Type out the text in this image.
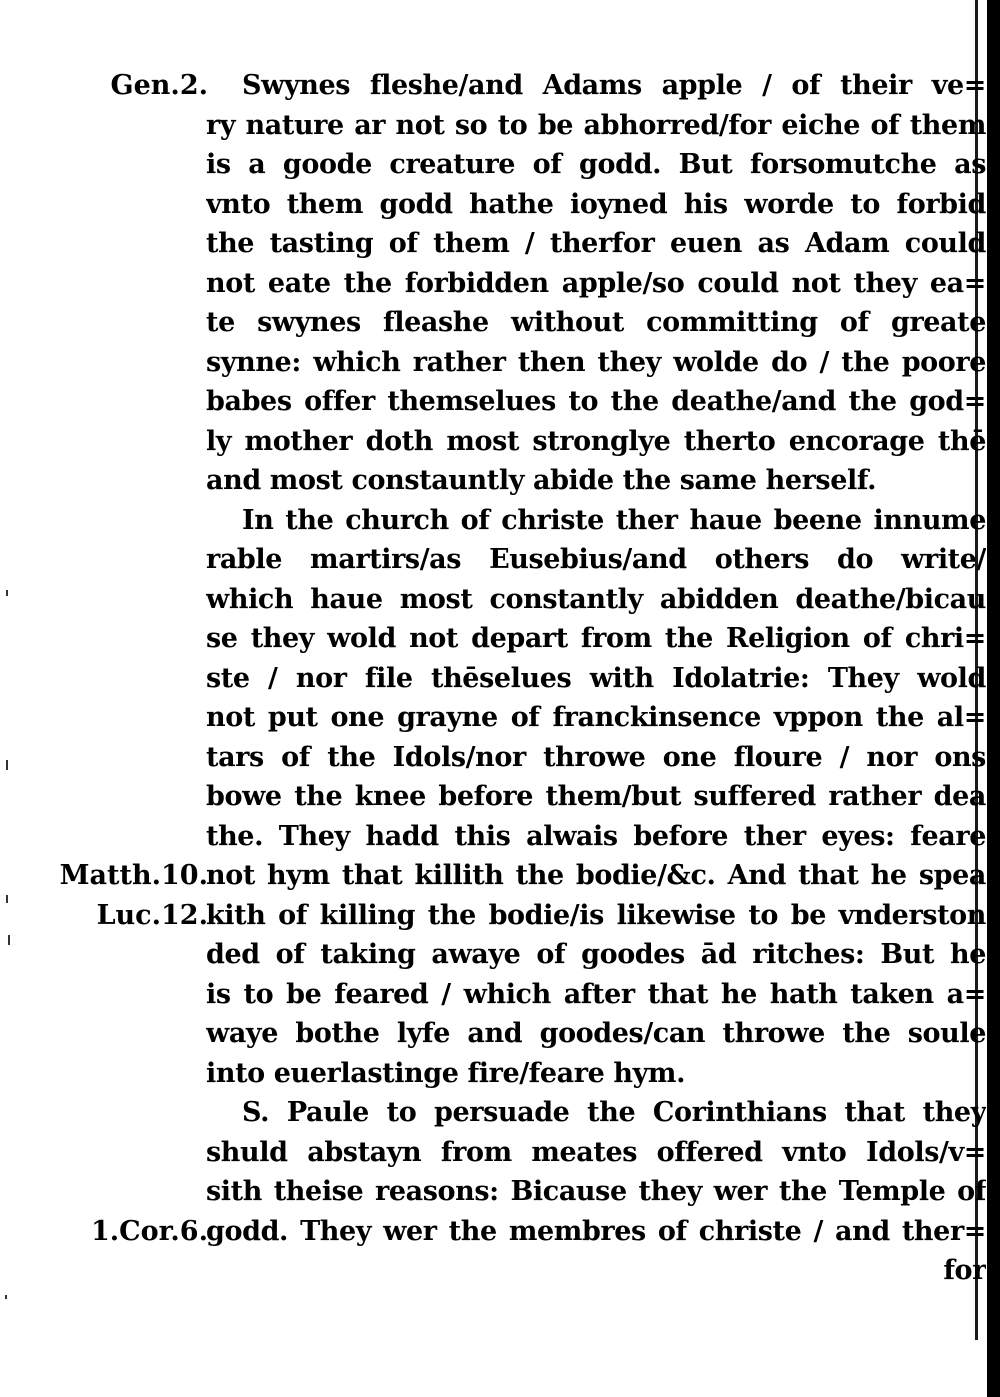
Gen.2.
Matth.10.
Luc.12.
1.Cor.6.
Swynes fleshe/and Adams apple / of their ve=
ry nature ar not so to be abhorred/for eiche of them
is a goode creature of godd. But forsomutche as
vnto them godd hathe ioyned his worde to forbid
the tasting of them / therfor euen as Adam could
not eate the forbidden apple/so could not they ea=
te swynes fleashe without committing of greate
synne: which rather then they wolde do / the poore
babes offer themselues to the deathe/and the god=
ly mother doth most stronglye therto encorage thē
and most constauntly abide the same herself.
In the church of christe ther haue beene innume
rable martirs/as Eusebius/and others do write/
which haue most constantly abidden deathe/bicau
se they wold not depart from the Religion of chri=
ste / nor file thēselues with Idolatrie: They wold
not put one grayne of franckinsence vppon the al=
tars of the Idols/nor throwe one floure / nor ons
bowe the knee before them/but suffered rather dea
the. They hadd this alwais before ther eyes: feare
not hym that killith the bodie/&c. And that he spea
kith of killing the bodie/is likewise to be vnderston
ded of taking awaye of goodes ād ritches: But he
is to be feared / which after that he hath taken a=
waye bothe lyfe and goodes/can throwe the soule
into euerlastinge fire/feare hym.
S. Paule to persuade the Corinthians that they
shuld abstayn from meates offered vnto Idols/v=
sith theise reasons: Bicause they wer the Temple of
godd. They wer the membres of christe / and ther=
for
